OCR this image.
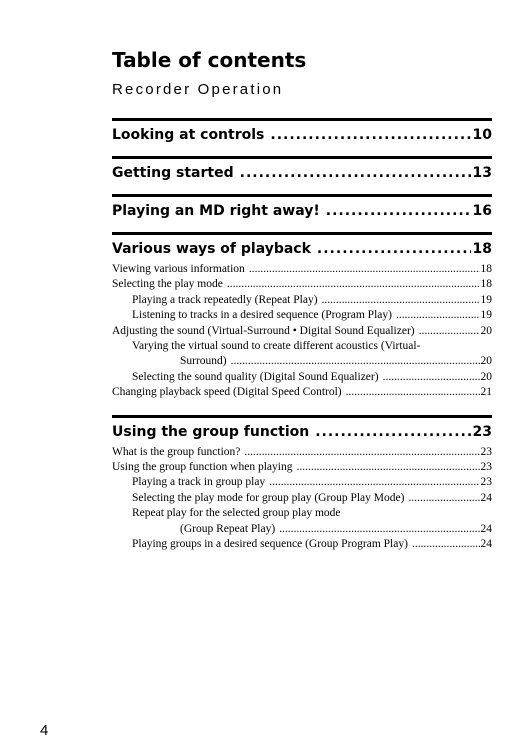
Table of contents
Recorder Operation
Looking at controls .....	10
Getting started .....	13
Playing an MD right away! .....	16
Various ways of playback .....	18
Viewing various information .....	18
Selecting the play mode .....	18
Playing a track repeatedly (Repeat Play) .....	19
Listening to tracks in a desired sequence (Program Play) .....	19
Adjusting the sound (Virtual-Surround • Digital Sound Equalizer) .....	20
Varying the virtual sound to create different acoustics (Virtual-
Surround) .....	20
Selecting the sound quality (Digital Sound Equalizer) .....	20
Changing playback speed (Digital Speed Control) .....	21
Using the group function .....	23
What is the group function? .....	23
Using the group function when playing .....	23
Playing a track in group play .....	23
Selecting the play mode for group play (Group Play Mode) .....	24
Repeat play for the selected group play mode
(Group Repeat Play) .....	24
Playing groups in a desired sequence (Group Program Play) .....	24
4
